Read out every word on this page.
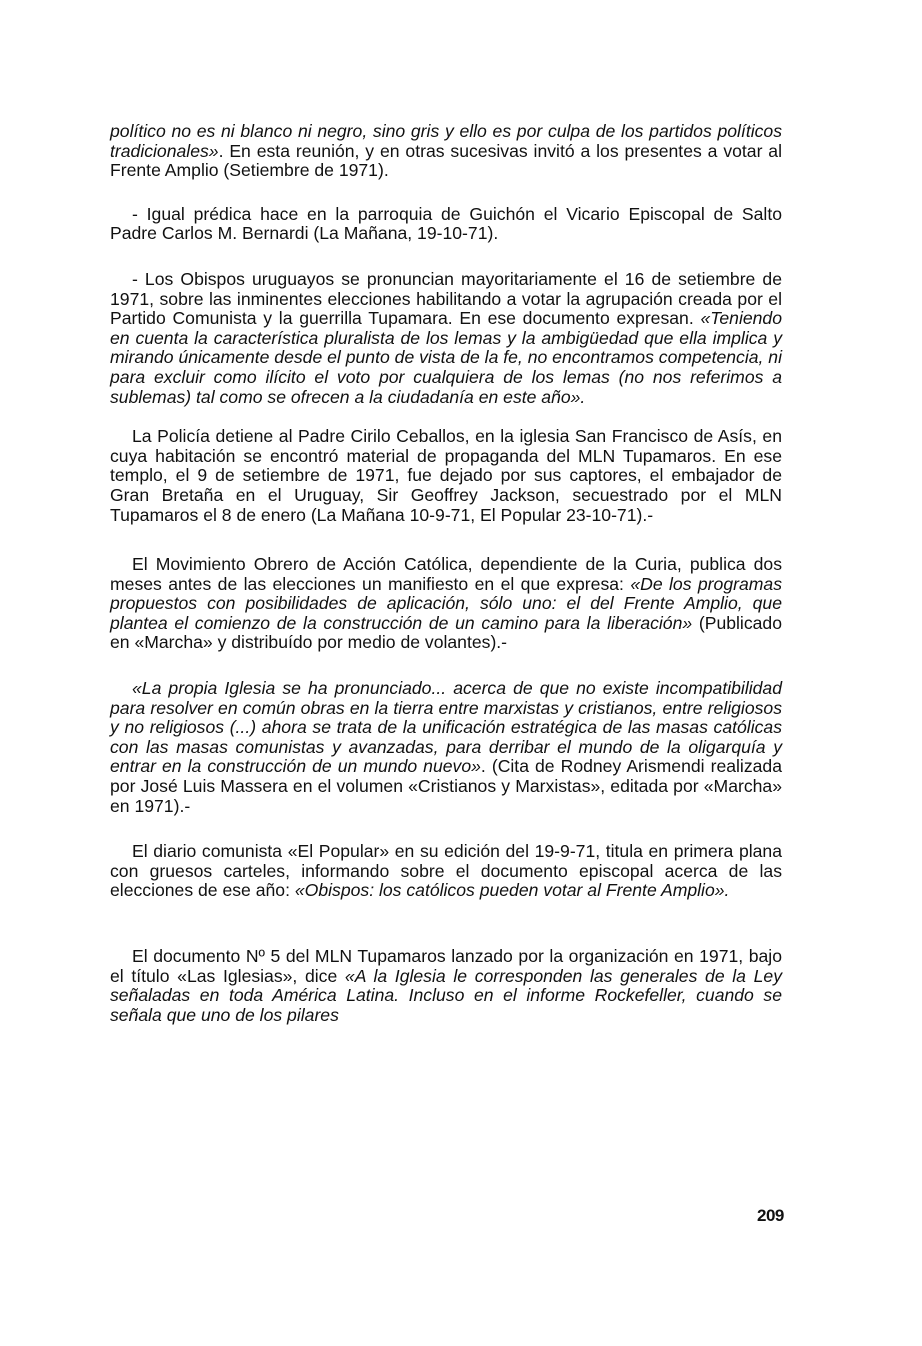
político no es ni blanco ni negro, sino gris y ello es por culpa de los partidos políticos tradicionales». En esta reunión, y en otras sucesivas invitó a los presentes a votar al Frente Amplio (Setiembre de 1971).

- Igual prédica hace en la parroquia de Guichón el Vicario Episcopal de Salto Padre Carlos M. Bernardi (La Mañana, 19-10-71).

- Los Obispos uruguayos se pronuncian mayoritariamente el 16 de setiembre de 1971, sobre las inminentes elecciones habilitando a votar la agrupación creada por el Partido Comunista y la guerrilla Tupamara. En ese documento expresan. «Teniendo en cuenta la característica pluralista de los lemas y la ambigüedad que ella implica y mirando únicamente desde el punto de vista de la fe, no encontramos competencia, ni para excluir como ilícito el voto por cualquiera de los lemas (no nos referimos a sublemas) tal como se ofrecen a la ciudadanía en este año».

La Policía detiene al Padre Cirilo Ceballos, en la iglesia San Francisco de Asís, en cuya habitación se encontró material de propaganda del MLN Tupamaros. En ese templo, el 9 de setiembre de 1971, fue dejado por sus captores, el embajador de Gran Bretaña en el Uruguay, Sir Geoffrey Jackson, secuestrado por el MLN Tupamaros el 8 de enero (La Mañana 10-9-71, El Popular 23-10-71).-

El Movimiento Obrero de Acción Católica, dependiente de la Curia, publica dos meses antes de las elecciones un manifiesto en el que expresa: «De los programas propuestos con posibilidades de aplicación, sólo uno: el del Frente Amplio, que plantea el comienzo de la construcción de un camino para la liberación» (Publicado en «Marcha» y distribuído por medio de volantes).-

«La propia Iglesia se ha pronunciado... acerca de que no existe incompatibilidad para resolver en común obras en la tierra entre marxistas y cristianos, entre religiosos y no religiosos (...) ahora se trata de la unificación estratégica de las masas católicas con las masas comunistas y avanzadas, para derribar el mundo de la oligarquía y entrar en la construcción de un mundo nuevo». (Cita de Rodney Arismendi realizada por José Luis Massera en el volumen «Cristianos y Marxistas», editada por «Marcha» en 1971).-

El diario comunista «El Popular» en su edición del 19-9-71, titula en primera plana con gruesos carteles, informando sobre el documento episcopal acerca de las elecciones de ese año: «Obispos: los católicos pueden votar al Frente Amplio».

El documento Nº 5 del MLN Tupamaros lanzado por la organización en 1971, bajo el título «Las Iglesias», dice «A la Iglesia le corresponden las generales de la Ley señaladas en toda América Latina. Incluso en el informe Rockefeller, cuando se señala que uno de los pilares

209
